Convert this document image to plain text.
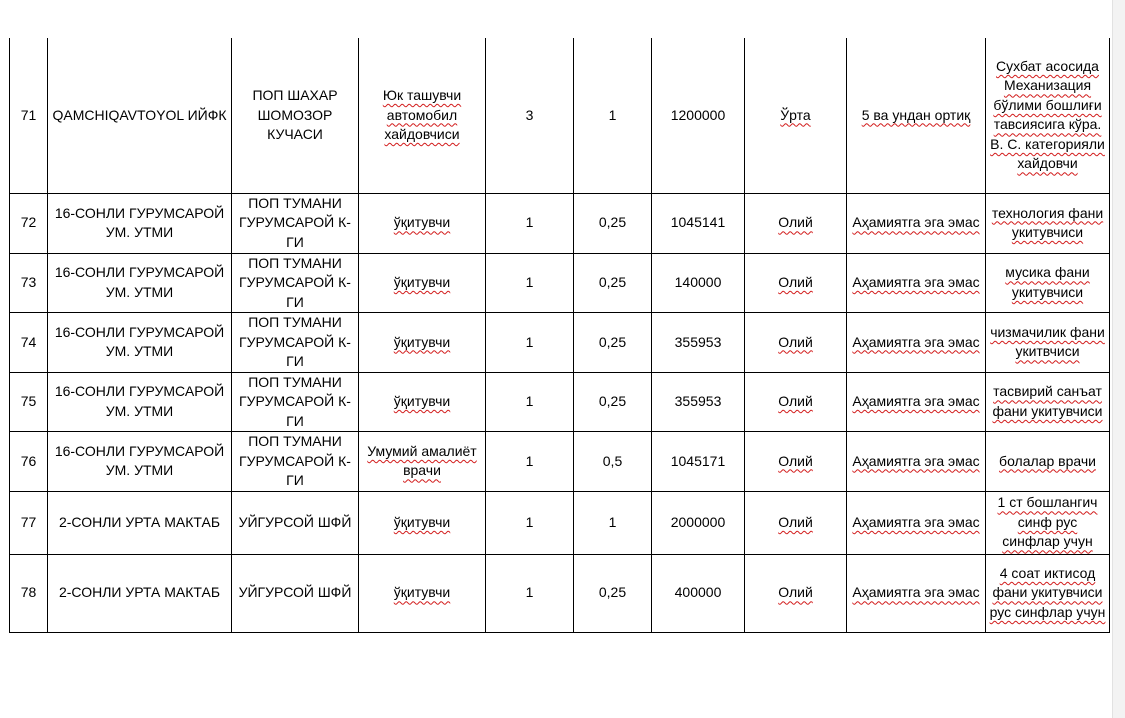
71	QAMCHIQAVTOYOL ИЙФК	ПОП ШАХАР ШОМОЗОР КУЧАСИ	Юк ташувчи автомобил хайдовчиси	3	1	1200000	Ўрта	5 ва ундан ортиқ	Сухбат асосида Механизация бўлими бошлиғи тавсиясига кўра. В. С. категорияли хайдовчи
72	16-СОНЛИ ГУРУМСАРОЙ УМ. УТМИ	ПОП ТУМАНИ ГУРУМСАРОЙ К-ГИ	ўқитувчи	1	0,25	1045141	Олий	Аҳамиятга эга эмас	технология фани укитувчиси
73	16-СОНЛИ ГУРУМСАРОЙ УМ. УТМИ	ПОП ТУМАНИ ГУРУМСАРОЙ К-ГИ	ўқитувчи	1	0,25	140000	Олий	Аҳамиятга эга эмас	мусика фани укитувчиси
74	16-СОНЛИ ГУРУМСАРОЙ УМ. УТМИ	ПОП ТУМАНИ ГУРУМСАРОЙ К-ГИ	ўқитувчи	1	0,25	355953	Олий	Аҳамиятга эга эмас	чизмачилик фани укитвчиси
75	16-СОНЛИ ГУРУМСАРОЙ УМ. УТМИ	ПОП ТУМАНИ ГУРУМСАРОЙ К-ГИ	ўқитувчи	1	0,25	355953	Олий	Аҳамиятга эга эмас	тасвирий санъат фани укитувчиси
76	16-СОНЛИ ГУРУМСАРОЙ УМ. УТМИ	ПОП ТУМАНИ ГУРУМСАРОЙ К-ГИ	Умумий амалиёт врачи	1	0,5	1045171	Олий	Аҳамиятга эга эмас	болалар врачи
77	2-СОНЛИ УРТА МАКТАБ	УЙГУРСОЙ ШФЙ	ўқитувчи	1	1	2000000	Олий	Аҳамиятга эга эмас	1 ст бошлангич синф рус синфлар учун
78	2-СОНЛИ УРТА МАКТАБ	УЙГУРСОЙ ШФЙ	ўқитувчи	1	0,25	400000	Олий	Аҳамиятга эга эмас	4 соат иктисод фани укитувчиси рус синфлар учун
